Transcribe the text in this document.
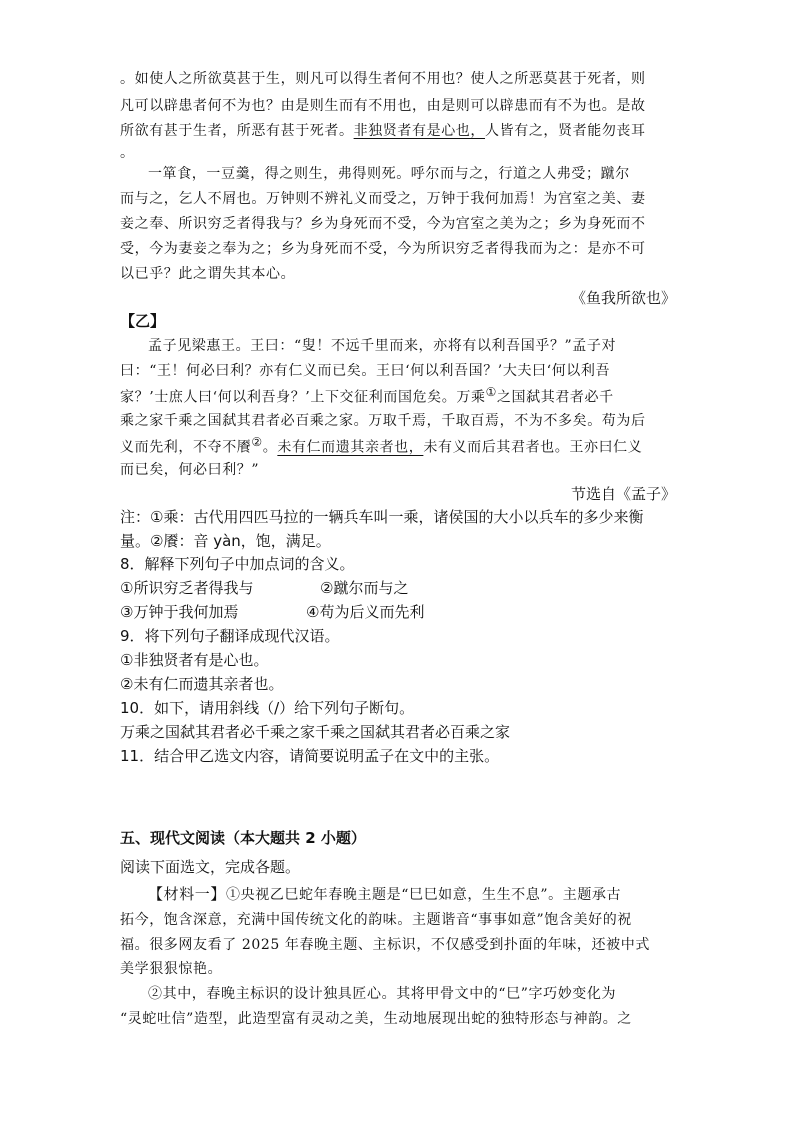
。如使人之所欲莫甚于生，则凡可以得生者何不用也？使人之所恶莫甚于死者，则
凡可以辟患者何不为也？由是则生而有不用也，由是则可以辟患而有不为也。是故
所欲有甚于生者，所恶有甚于死者。非独贤者有是心也，人皆有之，贤者能勿丧耳
。
一箪食，一豆羹，得之则生，弗得则死。呼尔而与之，行道之人弗受；蹴尔
而与之，乞人不屑也。万钟则不辨礼义而受之，万钟于我何加焉！为宫室之美、妻
妾之奉、所识穷乏者得我与？乡为身死而不受，今为宫室之美为之；乡为身死而不
受，今为妻妾之奉为之；乡为身死而不受，今为所识穷乏者得我而为之：是亦不可
以已乎？此之谓失其本心。
《鱼我所欲也》
【乙】
孟子见梁惠王。王曰：“叟！不远千里而来，亦将有以利吾国乎？”孟子对
曰：“王！何必曰利？亦有仁义而已矣。王曰‘何以利吾国？’大夫曰‘何以利吾
家？’士庶人曰‘何以利吾身？’上下交征利而国危矣。万乘①之国弑其君者必千
乘之家千乘之国弑其君者必百乘之家。万取千焉，千取百焉，不为不多矣。苟为后
义而先利，不夺不餍②。未有仁而遗其亲者也，未有义而后其君者也。王亦曰仁义
而已矣，何必曰利？”
节选自《孟子》
注：①乘：古代用四匹马拉的一辆兵车叫一乘，诸侯国的大小以兵车的多少来衡
量。②餍：音 yàn，饱，满足。
8．解释下列句子中加点词的含义。
①所识穷乏者得我与	②蹴尔而与之
③万钟于我何加焉	④苟为后义而先利
9．将下列句子翻译成现代汉语。
①非独贤者有是心也。
②未有仁而遗其亲者也。
10．如下，请用斜线（/）给下列句子断句。
万乘之国弑其君者必千乘之家千乘之国弑其君者必百乘之家
11．结合甲乙选文内容，请简要说明孟子在文中的主张。
五、现代文阅读（本大题共 2 小题）
阅读下面选文，完成各题。
【材料一】①央视乙巳蛇年春晚主题是“巳巳如意，生生不息”。主题承古
拓今，饱含深意，充满中国传统文化的韵味。主题谐音“事事如意”饱含美好的祝
福。很多网友看了 2025 年春晚主题、主标识，不仅感受到扑面的年味，还被中式
美学狠狠惊艳。
②其中，春晚主标识的设计独具匠心。其将甲骨文中的“巳”字巧妙变化为
“灵蛇吐信”造型，此造型富有灵动之美，生动地展现出蛇的独特形态与神韵。之
